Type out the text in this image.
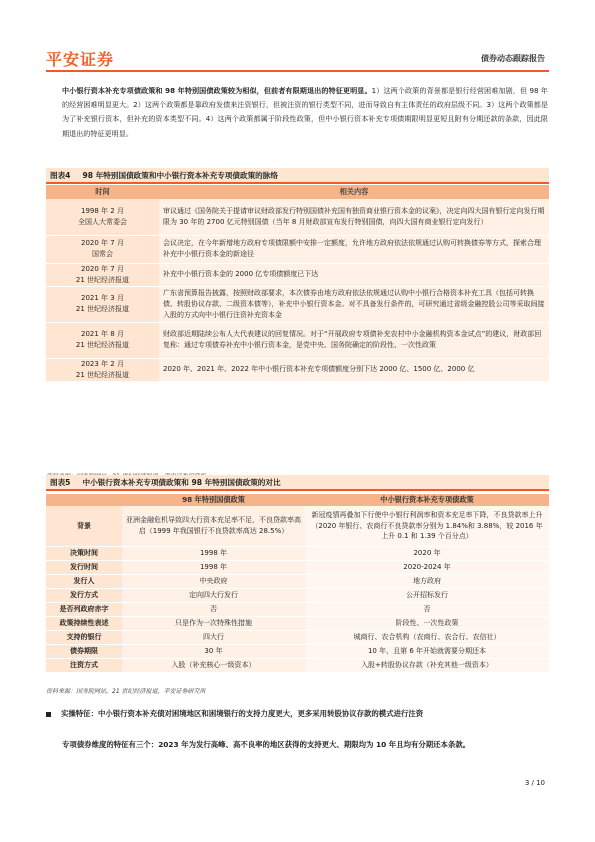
平安证券	债券动态跟踪报告
中小银行资本补充专项债政策和 98 年特别国债政策较为相似，但前者有限期退出的特征更明显。1）这两个政策的背景都是银行经营困难加剧，但 98 年的经营困难明显更大。2）这两个政策都是靠政府发债来注资银行，但被注资的银行类型不同，进而导致自有主体责任的政府层级不同。3）这两个政策都是为了补充银行资本，但补充的资本类型不同。4）这两个政策都属于阶段性政策，但中小银行资本补充专项债期限明显更短且附有分期还款的条款，因此限期退出的特征更明显。
图表4 98 年特别国债政策和中小银行资本补充专项债政策的脉络
时间	相关内容

1998 年 2 月
全国人大常委会	审议通过《国务院关于提请审议财政部发行特别国债补充国有独资商业银行资本金的议案》，决定向四大国有银行定向发行期限为 30 年的 2700 亿元特别国债（当年 8 月财政部宣布发行特别国债，向四大国有商业银行定向发行）

2020 年 7 月
国常会	会议决定，在今年新增地方政府专项债限额中安排一定额度，允许地方政府依法依规通过认购可转换债券等方式，探索合理补充中小银行资本金的新途径

2020 年 7 月
21 世纪经济报道	补充中小银行资本金的 2000 亿专项债额度已下达

2021 年 3 月
21 世纪经济报道	广东省预算报告披露，按照财政部要求，本次债券由地方政府依法依规通过认购中小银行合格资本补充工具（包括可转换债、转股协议存款、二级资本债等），补充中小银行资本金。对不具备发行条件的，可研究通过省级金融控股公司等采取间接入股的方式向中小银行注资补充资本金

2021 年 8 月
21 世纪经济报道	财政部近期陆续公布人大代表建议的回复情况。对于“开展政府专项债补充农村中小金融机构资本金试点”的建议，财政部回复称：通过专项债券补充中小银行资本金，是党中央、国务院确定的阶段性、一次性政策

2023 年 2 月
21 世纪经济报道	2020 年、2021 年、2022 年中小银行资本补充专项债额度分别下达 2000 亿、1500 亿、2000 亿
图表5 中小银行资本补充专项债政策和 98 年特别国债政策的对比
	98 年特别国债政策	中小银行资本补充专项债政策
背景	亚洲金融危机导致四大行资本充足率不足，不良贷款率高启（1999 年我国银行不良贷款率高达 28.5%）	新冠疫情再叠加下行使中小银行利润率和资本充足率下降，不良贷款率上升（2020 年银行、农商行不良贷款率分别为 1.84%和 3.88%，较 2016 年上升 0.1 和 1.39 个百分点）
决策时间	1998 年	2020 年
发行时间	1998 年	2020-2024 年
发行人	中央政府	地方政府
发行方式	定向四大行发行	公开招标发行
是否列政府赤字	否	否
政策持续性表述	只是作为一次特殊性措施	阶段性、一次性政策
支持的银行	四大行	城商行、农合机构（农商行、农合行、农信社）
债券期限	30 年	10 年，且第 6 年开始就需要分期还本
注资方式	入股（补充核心一级资本）	入股+转股协议存款（补充其他一级资本）
资料来源：国务院网站，21 世纪经济报道，平安证券研究所
实操特征：中小银行资本补充债对困境地区和困境银行的支持力度更大，更多采用转股协议存款的模式进行注资
专项债券维度的特征有三个：2023 年为发行高峰、高不良率的地区获得的支持更大、期限均为 10 年且均有分期还本条款。
3 / 10
